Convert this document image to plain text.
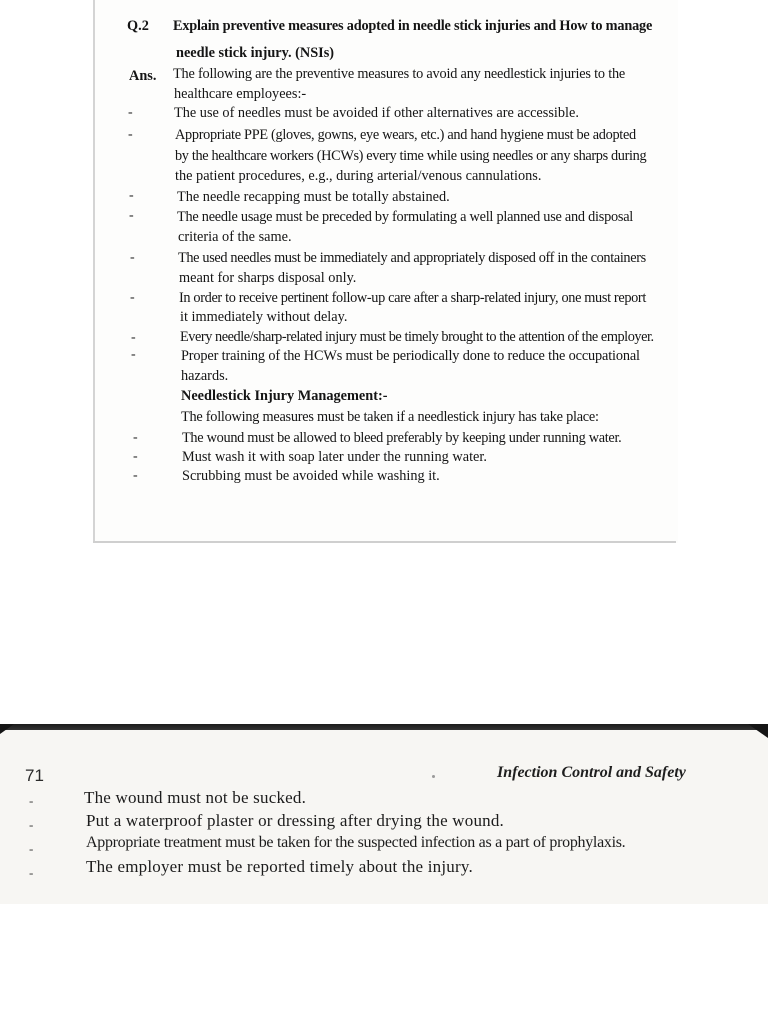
Q.2 Explain preventive measures adopted in needle stick injuries and How to manage
needle stick injury. (NSIs)
Ans. The following are the preventive measures to avoid any needlestick injuries to the
healthcare employees:-
-
-
-
-
-
-
-
-
-
-
-
The use of needles must be avoided if other alternatives are accessible.
Appropriate PPE (gloves, gowns, eye wears, etc.) and hand hygiene must be adopted
by the healthcare workers (HCWs) every time while using needles or any sharps during
the patient procedures, e.g., during arterial/venous cannulations.
The needle recapping must be totally abstained.
The needle usage must be preceded by formulating a well planned use and disposal
criteria of the same.
The used needles must be immediately and appropriately disposed off in the containers
meant for sharps disposal only.
In order to receive pertinent follow-up care after a sharp-related injury, one must report
it immediately without delay.
Every needle/sharp-related injury must be timely brought to the attention of the employer.
Proper training of the HCWs must be periodically done to reduce the occupational
hazards.
Needlestick Injury Management:-
The following measures must be taken if a needlestick injury has take place:
The wound must be allowed to bleed preferably by keeping under running water.
Must wash it with soap later under the running water.
Scrubbing must be avoided while washing it.
71	Infection Control and Safety
-
-
-
-
The wound must not be sucked.
Put a waterproof plaster or dressing after drying the wound.
Appropriate treatment must be taken for the suspected infection as a part of prophylaxis.
The employer must be reported timely about the injury.
